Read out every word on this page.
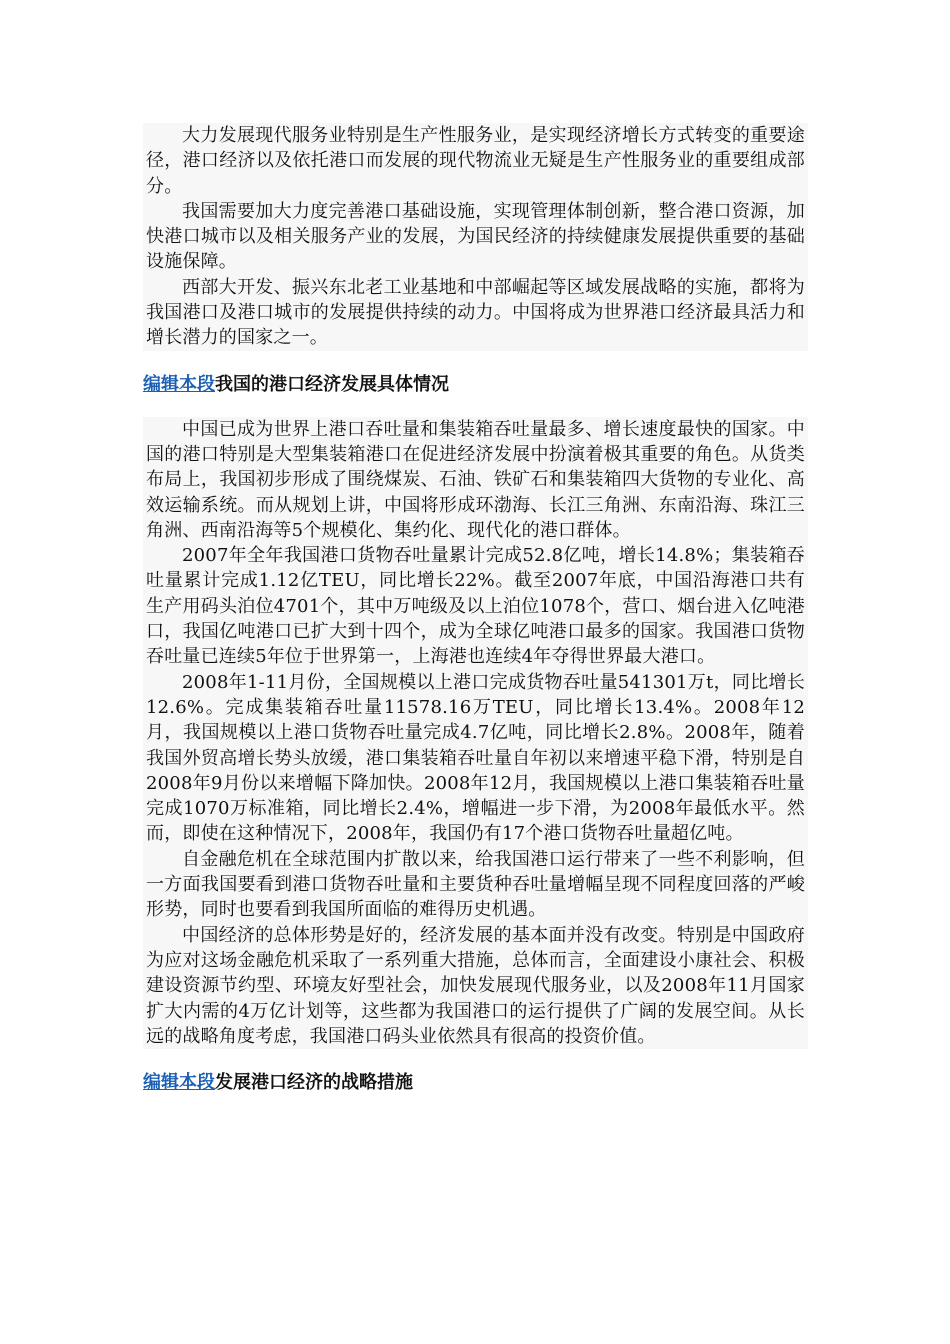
大力发展现代服务业特别是生产性服务业，是实现经济增长方式转变的重要途径，港口经济以及依托港口而发展的现代物流业无疑是生产性服务业的重要组成部分。

我国需要加大力度完善港口基础设施，实现管理体制创新，整合港口资源，加快港口城市以及相关服务产业的发展，为国民经济的持续健康发展提供重要的基础设施保障。

西部大开发、振兴东北老工业基地和中部崛起等区域发展战略的实施，都将为我国港口及港口城市的发展提供持续的动力。中国将成为世界港口经济最具活力和增长潜力的国家之一。

编辑本段我国的港口经济发展具体情况

中国已成为世界上港口吞吐量和集装箱吞吐量最多、增长速度最快的国家。中国的港口特别是大型集装箱港口在促进经济发展中扮演着极其重要的角色。从货类布局上，我国初步形成了围绕煤炭、石油、铁矿石和集装箱四大货物的专业化、高效运输系统。而从规划上讲，中国将形成环渤海、长江三角洲、东南沿海、珠江三角洲、西南沿海等5个规模化、集约化、现代化的港口群体。

2007年全年我国港口货物吞吐量累计完成52.8亿吨，增长14.8%；集装箱吞吐量累计完成1.12亿TEU，同比增长22%。截至2007年底，中国沿海港口共有生产用码头泊位4701个，其中万吨级及以上泊位1078个，营口、烟台进入亿吨港口，我国亿吨港口已扩大到十四个，成为全球亿吨港口最多的国家。我国港口货物吞吐量已连续5年位于世界第一，上海港也连续4年夺得世界最大港口。

2008年1-11月份，全国规模以上港口完成货物吞吐量541301万t，同比增长12.6%。完成集装箱吞吐量11578.16万TEU，同比增长13.4%。2008年12月，我国规模以上港口货物吞吐量完成4.7亿吨，同比增长2.8%。2008年，随着我国外贸高增长势头放缓，港口集装箱吞吐量自年初以来增速平稳下滑，特别是自2008年9月份以来增幅下降加快。2008年12月，我国规模以上港口集装箱吞吐量完成1070万标准箱，同比增长2.4%，增幅进一步下滑，为2008年最低水平。然而，即使在这种情况下，2008年，我国仍有17个港口货物吞吐量超亿吨。

自金融危机在全球范围内扩散以来，给我国港口运行带来了一些不利影响，但一方面我国要看到港口货物吞吐量和主要货种吞吐量增幅呈现不同程度回落的严峻形势，同时也要看到我国所面临的难得历史机遇。

中国经济的总体形势是好的，经济发展的基本面并没有改变。特别是中国政府为应对这场金融危机采取了一系列重大措施，总体而言，全面建设小康社会、积极建设资源节约型、环境友好型社会，加快发展现代服务业，以及2008年11月国家扩大内需的4万亿计划等，这些都为我国港口的运行提供了广阔的发展空间。从长远的战略角度考虑，我国港口码头业依然具有很高的投资价值。

编辑本段发展港口经济的战略措施
